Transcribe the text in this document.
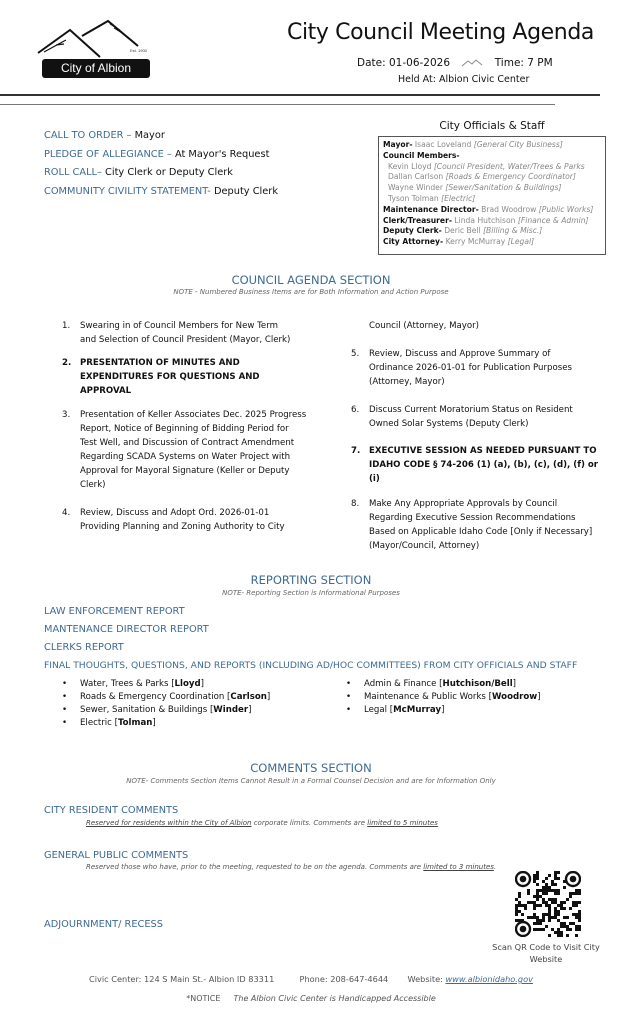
Est. 1900
City of Albion
City Council Meeting Agenda
Date: 01-06-2026	Time: 7 PM
Held At: Albion Civic Center
CALL TO ORDER – Mayor
PLEDGE OF ALLEGIANCE – At Mayor's Request
ROLL CALL– City Clerk or Deputy Clerk
COMMUNITY CIVILITY STATEMENT- Deputy Clerk
City Officials & Staff
Mayor- Isaac Loveland [General City Business]
Council Members-
Kevin Lloyd [Council President, Water/Trees & Parks
Dallan Carlson [Roads & Emergency Coordinator]
Wayne Winder [Sewer/Sanitation & Buildings]
Tyson Tolman [Electric]
Maintenance Director- Brad Woodrow [Public Works]
Clerk/Treasurer- Linda Hutchison [Finance & Admin]
Deputy Clerk- Deric Bell [Billing & Misc.]
City Attorney- Kerry McMurray [Legal]
COUNCIL AGENDA SECTION
NOTE - Numbered Business Items are for Both Information and Action Purpose
1.	Swearing in of Council Members for New Term
and Selection of Council President (Mayor, Clerk)
2.	PRESENTATION OF MINUTES AND
EXPENDITURES FOR QUESTIONS AND
APPROVAL
3.	Presentation of Keller Associates Dec. 2025 Progress
Report, Notice of Beginning of Bidding Period for
Test Well, and Discussion of Contract Amendment
Regarding SCADA Systems on Water Project with
Approval for Mayoral Signature (Keller or Deputy
Clerk)
4.	Review, Discuss and Adopt Ord. 2026-01-01
Providing Planning and Zoning Authority to City
Council (Attorney, Mayor)
5.	Review, Discuss and Approve Summary of
Ordinance 2026-01-01 for Publication Purposes
(Attorney, Mayor)
6.	Discuss Current Moratorium Status on Resident
Owned Solar Systems (Deputy Clerk)
7.	EXECUTIVE SESSION AS NEEDED PURSUANT TO
IDAHO CODE § 74-206 (1) (a), (b), (c), (d), (f) or
(i)
8.	Make Any Appropriate Approvals by Council
Regarding Executive Session Recommendations
Based on Applicable Idaho Code [Only if Necessary]
(Mayor/Council, Attorney)
REPORTING SECTION
NOTE- Reporting Section is Informational Purposes
LAW ENFORCEMENT REPORT
MANTENANCE DIRECTOR REPORT
CLERKS REPORT
FINAL THOUGHTS, QUESTIONS, AND REPORTS (INCLUDING AD/HOC COMMITTEES) FROM CITY OFFICIALS AND STAFF
• Water, Trees & Parks [Lloyd]
• Roads & Emergency Coordination [Carlson]
• Sewer, Sanitation & Buildings [Winder]
• Electric [Tolman]
• Admin & Finance [Hutchison/Bell]
• Maintenance & Public Works [Woodrow]
• Legal [McMurray]
COMMENTS SECTION
NOTE- Comments Section Items Cannot Result in a Formal Counsel Decision and are for Information Only
CITY RESIDENT COMMENTS
Reserved for residents within the City of Albion corporate limits. Comments are limited to 5 minutes
GENERAL PUBLIC COMMENTS
Reserved those who have, prior to the meeting, requested to be on the agenda. Comments are limited to 3 minutes.
ADJOURNMENT/ RECESS
Scan QR Code to Visit City
Website
Civic Center: 124 S Main St.- Albion ID 83311	Phone: 208-647-4644 Website: www.albionidaho.gov
*NOTICE The Albion Civic Center is Handicapped Accessible
